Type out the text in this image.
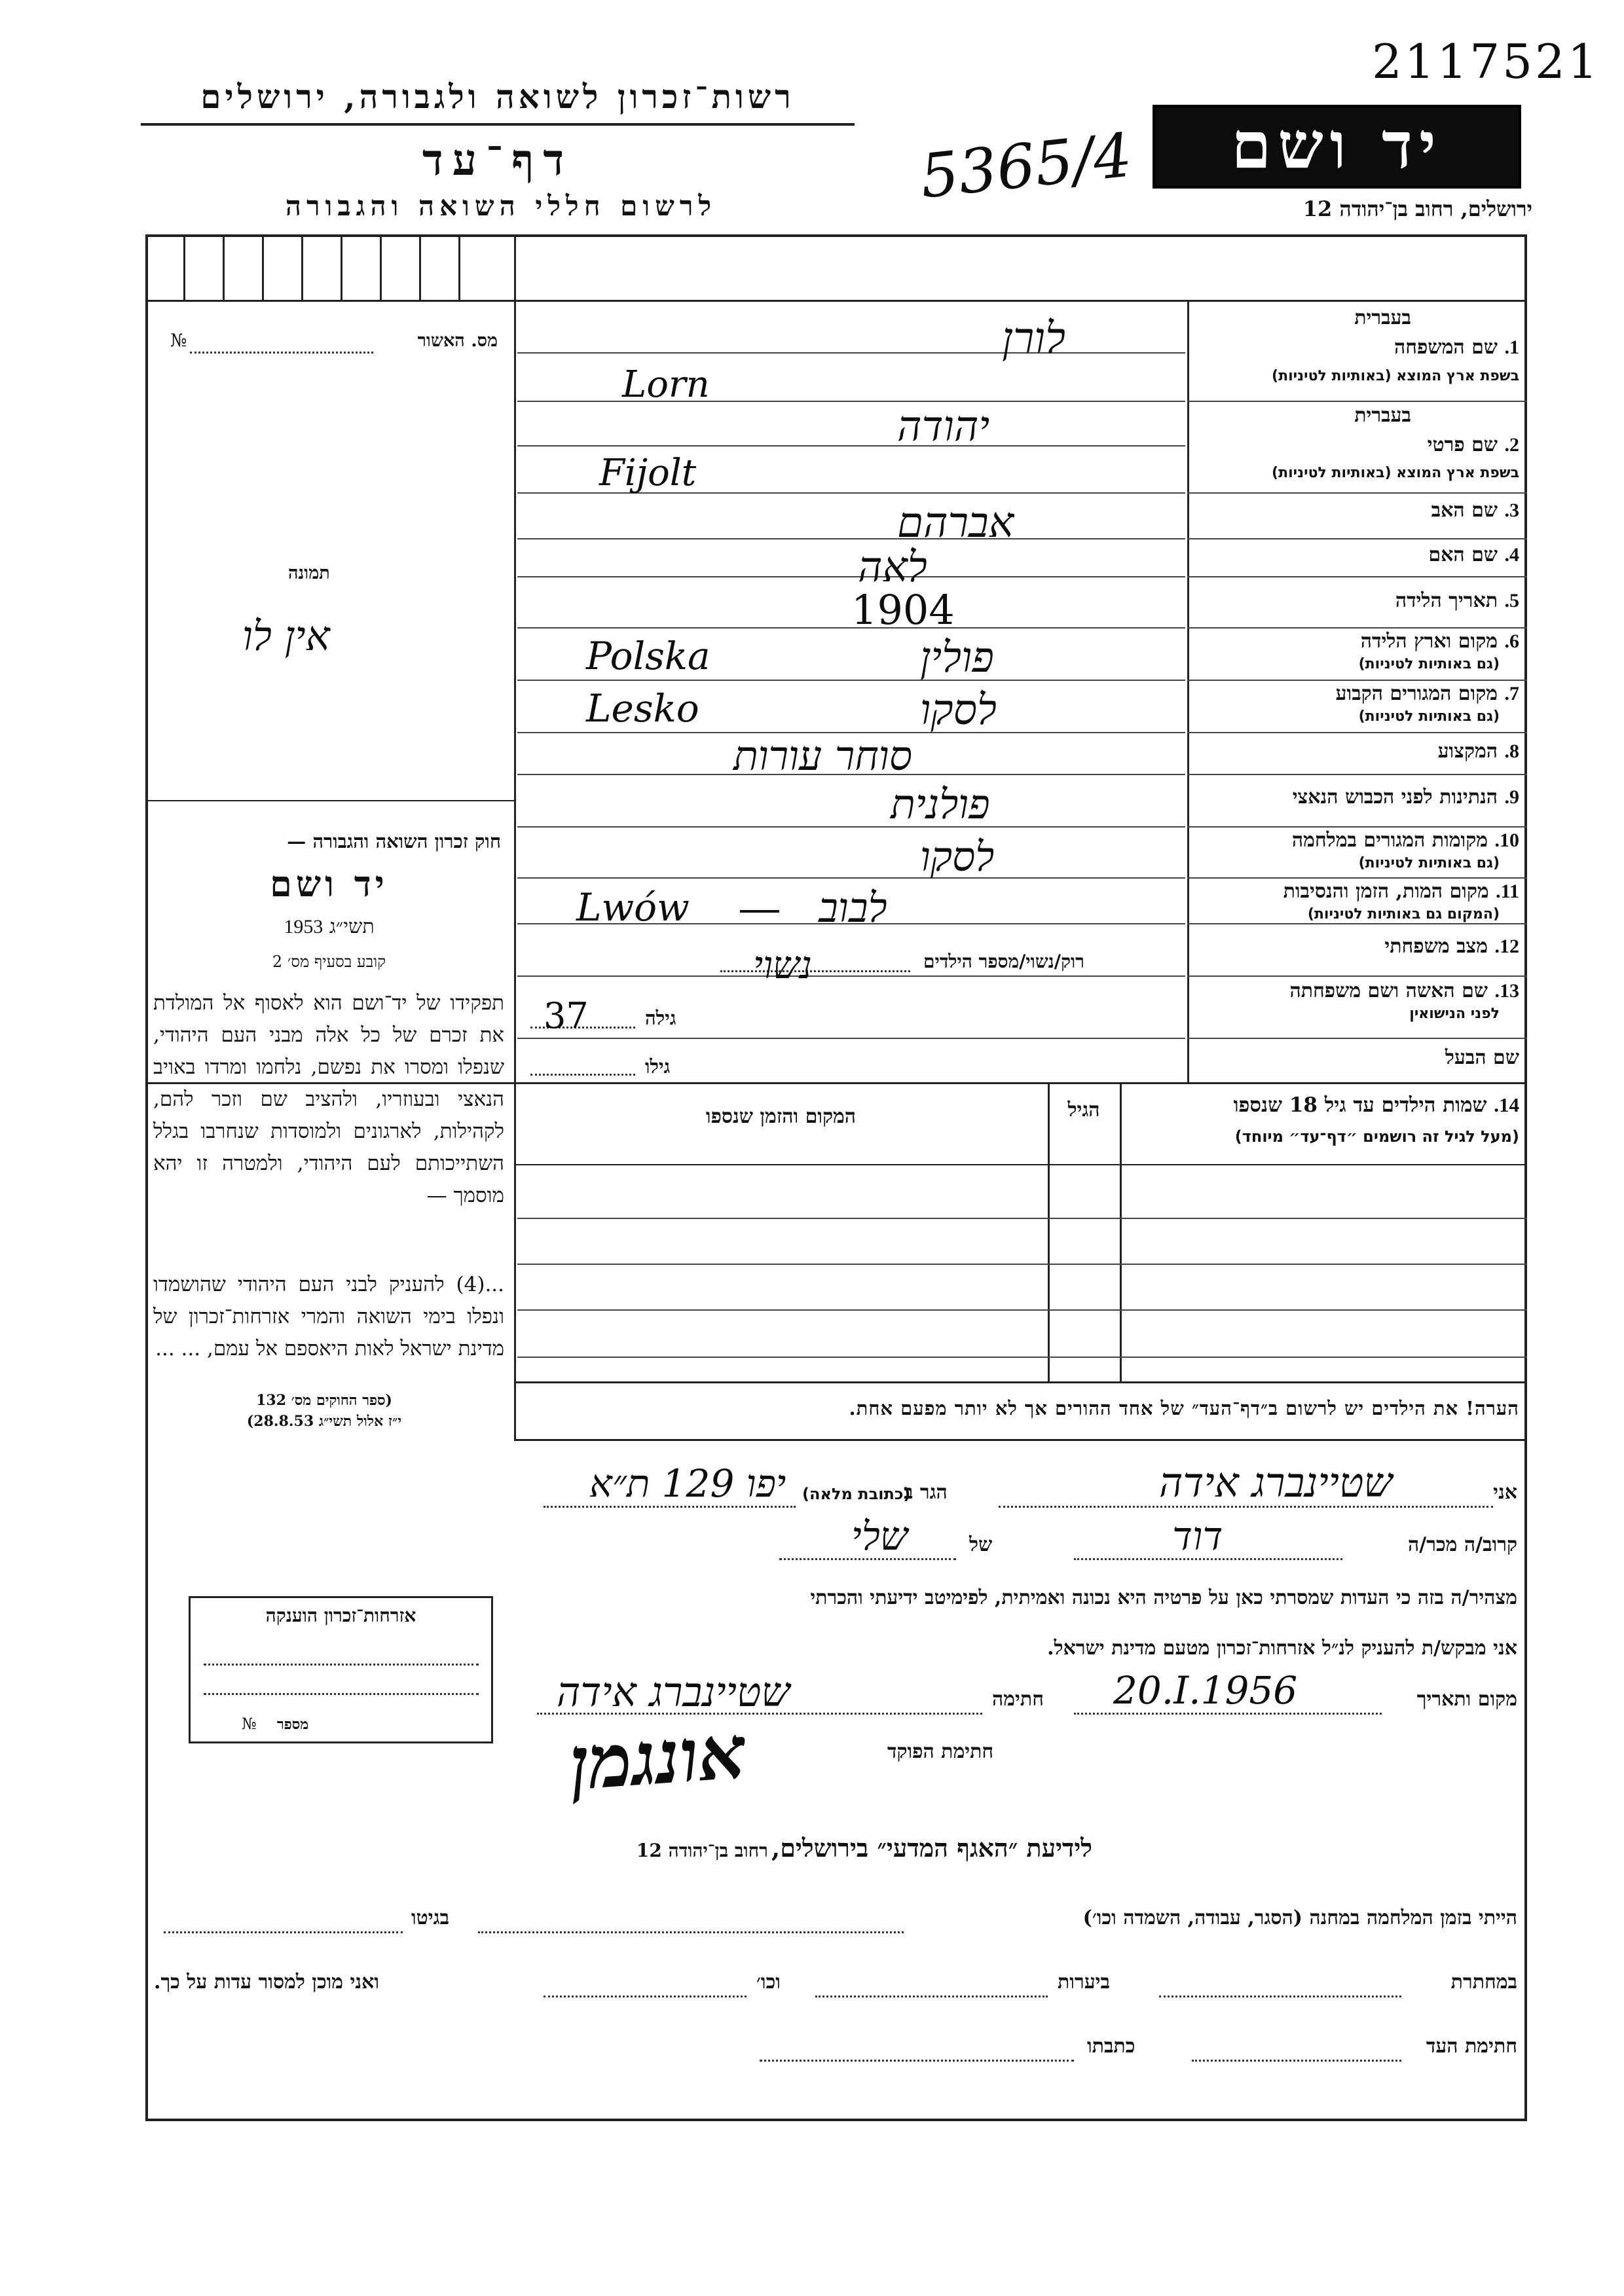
רשות־זכרון לשואה ולגבורה, ירושלים
דף־עד
לרשום חללי השואה והגבורה	5365/4
2117521
יד ושם
ירושלים, רחוב בן־יהודה 12
מס. האשור
№
תמונה
אין לו
חוק זכרון השואה והגבורה —
יד ושם
תשי״ג 1953
קובע בסעיף מס׳ 2
תפקידו של יד־ושם הוא לאסוף אל המולדת את זכרם של כל אלה מבני העם היהודי, שנפלו ומסרו את נפשם, נלחמו ומרדו באויב הנאצי ובעוזריו, ולהציב שם וזכר להם, לקהילות, לארגונים ולמוסדות שנחרבו בגלל השתייכותם לעם היהודי, ולמטרה זו יהא מוסמך —
...(4) להעניק לבני העם היהודי שהושמדו ונפלו בימי השואה והמרי אזרחות־זכרון של מדינת ישראל לאות היאספם אל עמם, ... ...
(ספר החוקים מס׳ 132
י״ז אלול תשי״ג 28.8.53)
אזרחות־זכרון הוענקה
מספר
№
בעברית
1. שם המשפחה
בשפת ארץ המוצא (באותיות לטיניות)
בעברית
2. שם פרטי
בשפת ארץ המוצא (באותיות לטיניות)
3. שם האב
4. שם האם
5. תאריך הלידה
6. מקום וארץ הלידה
(גם באותיות לטיניות)
7. מקום המגורים הקבוע
(גם באותיות לטיניות)
8. המקצוע
9. הנתינות לפני הכבוש הנאצי
10. מקומות המגורים במלחמה
(גם באותיות לטיניות)
11. מקום המות, הזמן והנסיבות
(המקום גם באותיות לטיניות)
12. מצב משפחתי
13. שם האשה ושם משפחתה
לפני הנישואין
שם הבעל
לורן
Lorn
יהודה
Fijolt
אברהם
לאה
1904
פולין
Polska
לסקו
Lesko
סוחר עורות
פולנית
לסקו
לבוב
Lwów
רוק/נשוי/מספר הילדים
נשוי
גילה
37
גילו
14. שמות הילדים עד גיל 18 שנספו
(מעל לגיל זה רושמים ״דף־עד״ מיוחד)
הגיל
המקום והזמן שנספו
הערה! את הילדים יש לרשום ב״דף־העד״ של אחד ההורים אך לא יותר מפעם אחת.
אני
שטיינברג אידה
הגר ב
(כתובת מלאה)
יפו 129 ת״א
קרוב/ה מכר/ה
דוד
של
שלי
מצהיר/ה בזה כי העדות שמסרתי כאן על פרטיה היא נכונה ואמיתית, לפימיטב ידיעתי והכרתי
אני מבקש/ת להעניק לנ״ל אזרחות־זכרון מטעם מדינת ישראל.
מקום ותאריך
20.I.1956
חתימה
שטיינברג אידה
חתימת הפוקד
אונגמן
לידיעת ״האגף המדעי״ בירושלים, רחוב בן־יהודה 12
הייתי בזמן המלחמה במחנה (הסגר, עבודה, השמדה וכו׳)
בגיטו
במחתרת
ביערות
וכו׳
ואני מוכן למסור עדות על כך.
חתימת העד
כתבתו
